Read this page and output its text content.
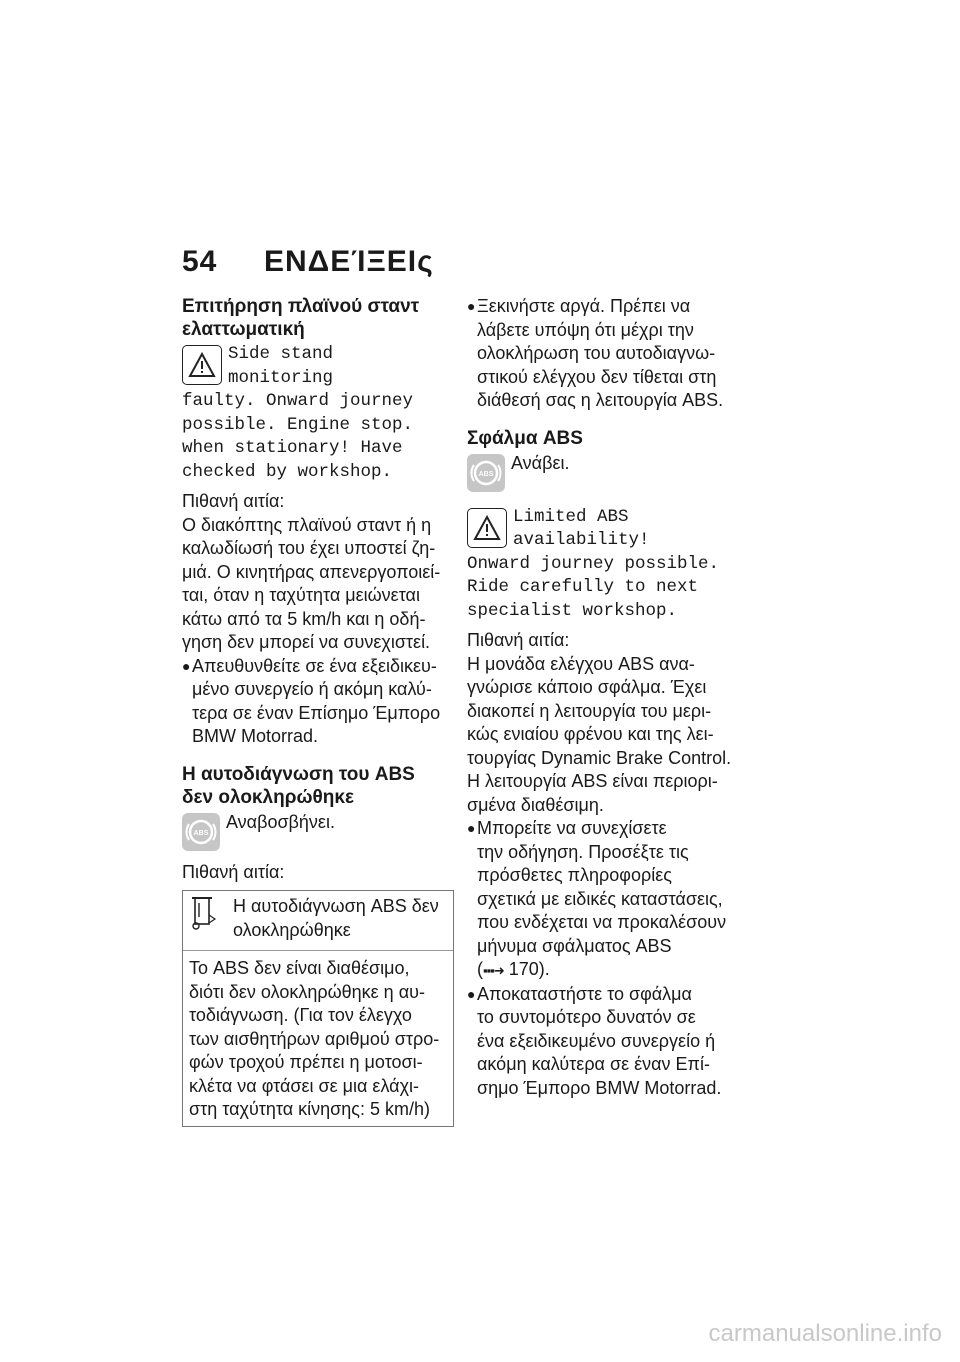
54 ΕΝΔΕΊΞΕΙς
Επιτήρηση πλαϊνού σταντ
ελαττωματική
Side stand
monitoring
faulty. Onward journey
possible. Engine stop.
when stationary! Have
checked by workshop.

Πιθανή αιτία:

Ο διακόπτης πλαϊνού σταντ ή η
καλωδίωσή του έχει υποστεί ζη-
μιά. Ο κινητήρας απενεργοποιεί-
ται, όταν η ταχύτητα μειώνεται
κάτω από τα 5 km/h και η οδή-
γηση δεν μπορεί να συνεχιστεί.

● Απευθυνθείτε σε ένα εξειδικευ-
μένο συνεργείο ή ακόμη καλύ-
τερα σε έναν Επίσημο Έμπορο
BMW Motorrad.
Η αυτοδιάγνωση του ABS
δεν ολοκληρώθηκε
ABS

Αναβοσβήνει.

Πιθανή αιτία:

Η αυτοδιάγνωση ABS δεν
ολοκληρώθηκε

Το ABS δεν είναι διαθέσιμο,
διότι δεν ολοκληρώθηκε η αυ-
τοδιάγνωση. (Για τον έλεγχο
των αισθητήρων αριθμού στρο-
φών τροχού πρέπει η μοτοσι-
κλέτα να φτάσει σε μια ελάχι-
στη ταχύτητα κίνησης: 5 km/h)

● Ξεκινήστε αργά. Πρέπει να
λάβετε υπόψη ότι μέχρι την
ολοκλήρωση του αυτοδιαγνω-
στικού ελέγχου δεν τίθεται στη
διάθεσή σας η λειτουργία ABS.
Σφάλμα ABS
ABS

Ανάβει.

Limited ABS
availability!
Onward journey possible.
Ride carefully to next
specialist workshop.

Πιθανή αιτία:

Η μονάδα ελέγχου ABS ανα-
γνώρισε κάποιο σφάλμα. Έχει
διακοπεί η λειτουργία του μερι-
κώς ενιαίου φρένου και της λει-
τουργίας Dynamic Brake Control.
Η λειτουργία ABS είναι περιορι-
σμένα διαθέσιμη.

● Μπορείτε να συνεχίσετε
την οδήγηση. Προσέξτε τις
πρόσθετες πληροφορίες
σχετικά με ειδικές καταστάσεις,
που ενδέχεται να προκαλέσουν
μήνυμα σφάλματος ABS
(▪▪▪➜ 170).
● Αποκαταστήστε το σφάλμα
το συντομότερο δυνατόν σε
ένα εξειδικευμένο συνεργείο ή
ακόμη καλύτερα σε έναν Επί-
σημο Έμπορο BMW Motorrad.
carmanualsonline.info
